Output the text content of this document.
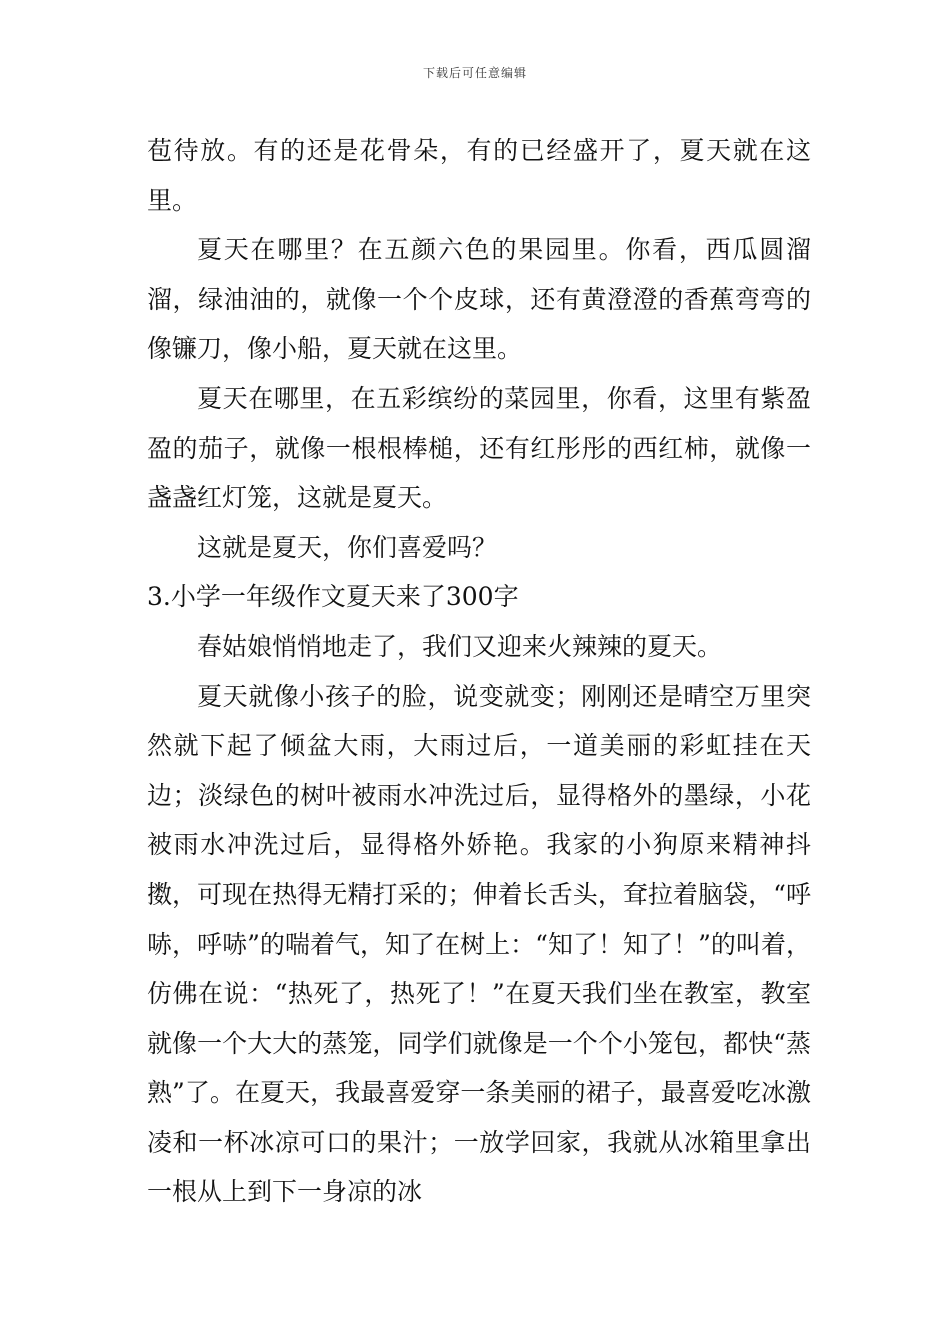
下载后可任意编辑

苞待放。有的还是花骨朵，有的已经盛开了，夏天就在这里。

夏天在哪里？在五颜六色的果园里。你看，西瓜圆溜溜，绿油油的，就像一个个皮球，还有黄澄澄的香蕉弯弯的像镰刀，像小船，夏天就在这里。

夏天在哪里，在五彩缤纷的菜园里，你看，这里有紫盈盈的茄子，就像一根根棒槌，还有红彤彤的西红柿，就像一盏盏红灯笼，这就是夏天。

这就是夏天，你们喜爱吗？

3.小学一年级作文夏天来了300字

春姑娘悄悄地走了，我们又迎来火辣辣的夏天。

夏天就像小孩子的脸，说变就变；刚刚还是晴空万里突然就下起了倾盆大雨，大雨过后，一道美丽的彩虹挂在天边；淡绿色的树叶被雨水冲洗过后，显得格外的墨绿，小花被雨水冲洗过后，显得格外娇艳。我家的小狗原来精神抖擞，可现在热得无精打采的；伸着长舌头，耷拉着脑袋，“呼哧，呼哧”的喘着气，知了在树上：“知了！知了！”的叫着，仿佛在说：“热死了，热死了！”在夏天我们坐在教室，教室就像一个大大的蒸笼，同学们就像是一个个小笼包，都快“蒸熟”了。在夏天，我最喜爱穿一条美丽的裙子，最喜爱吃冰激凌和一杯冰凉可口的果汁；一放学回家，我就从冰箱里拿出一根从上到下一身凉的冰
